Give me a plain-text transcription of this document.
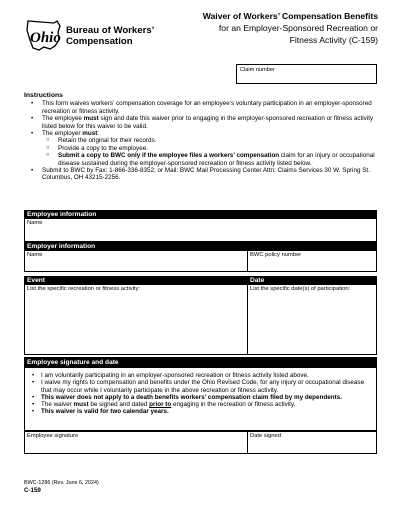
Ohio Bureau of Workers’
Compensation
Waiver of Workers’ Compensation Benefits
for an Employer-Sponsored Recreation or
Fitness Activity (C-159)
Claim number
Instructions
• This form waives workers’ compensation coverage for an employee’s voluntary participation in an employer-sponsored recreation or fitness activity.
• The employee must sign and date this waiver prior to engaging in the employer-sponsored recreation or fitness activity listed below for this waiver to be valid.
• The employer must:
○ Retain the original for their records.
○ Provide a copy to the employee.
○ Submit a copy to BWC only if the employee files a workers’ compensation claim for an injury or occupational disease sustained during the employer-sponsored recreation or fitness activity listed below.
• Submit to BWC by Fax: 1-866-336-8352; or Mail: BWC Mail Processing Center Attn: Claims Services 30 W. Spring St. Columbus, OH 43215-2256.
Employee information
Name
Employer information
Name	BWC policy number
Event	Date
List the specific recreation or fitness activity:	List the specific date(s) of participation:
Employee signature and date
• I am voluntarily participating in an employer-sponsored recreation or fitness activity listed above.
• I waive my rights to compensation and benefits under the Ohio Revised Code, for any injury or occupational disease that may occur while I voluntarily participate in the above recreation or fitness activity.
• This waiver does not apply to a death benefits workers’ compensation claim filed by my dependents.
• The waiver must be signed and dated prior to engaging in the recreation or fitness activity.
• This waiver is valid for two calendar years.
Employee signature	Date signed
BWC-1286 (Rev. June 6, 2024)
C-159
